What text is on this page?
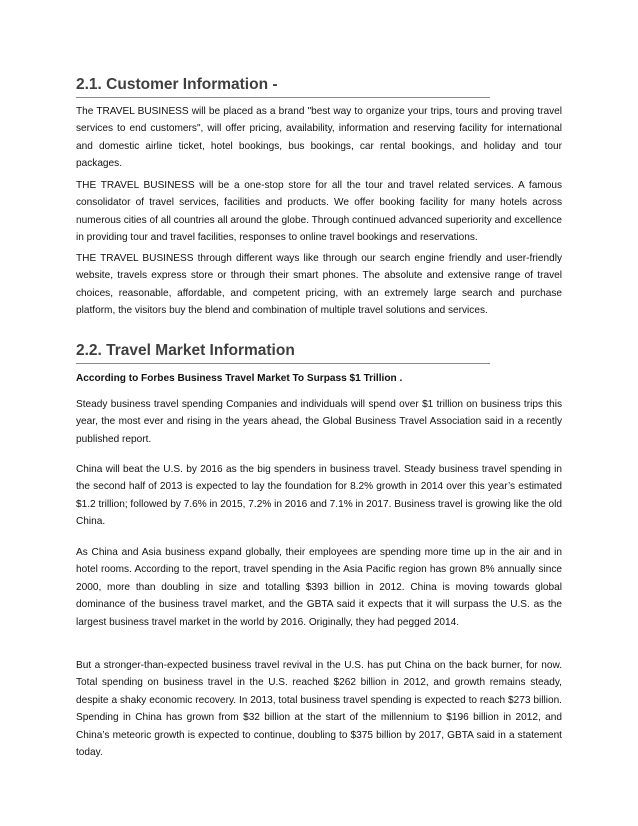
2.1. Customer Information -

The TRAVEL BUSINESS will be placed as a brand "best way to organize your trips, tours and proving travel services to end customers", will offer pricing, availability, information and reserving facility for international and domestic airline ticket, hotel bookings, bus bookings, car rental bookings, and holiday and tour packages.

THE TRAVEL BUSINESS will be a one-stop store for all the tour and travel related services. A famous consolidator of travel services, facilities and products. We offer booking facility for many hotels across numerous cities of all countries all around the globe. Through continued advanced superiority and excellence in providing tour and travel facilities, responses to online travel bookings and reservations.

THE TRAVEL BUSINESS through different ways like through our search engine friendly and user-friendly website, travels express store or through their smart phones. The absolute and extensive range of travel choices, reasonable, affordable, and competent pricing, with an extremely large search and purchase platform, the visitors buy the blend and combination of multiple travel solutions and services.

2.2. Travel Market Information

According to Forbes Business Travel Market To Surpass $1 Trillion .

Steady business travel spending Companies and individuals will spend over $1 trillion on business trips this year, the most ever and rising in the years ahead, the Global Business Travel Association said in a recently published report.

China will beat the U.S. by 2016 as the big spenders in business travel. Steady business travel spending in the second half of 2013 is expected to lay the foundation for 8.2% growth in 2014 over this year’s estimated $1.2 trillion; followed by 7.6% in 2015, 7.2% in 2016 and 7.1% in 2017. Business travel is growing like the old China.

As China and Asia business expand globally, their employees are spending more time up in the air and in hotel rooms. According to the report, travel spending in the Asia Pacific region has grown 8% annually since 2000, more than doubling in size and totalling $393 billion in 2012. China is moving towards global dominance of the business travel market, and the GBTA said it expects that it will surpass the U.S. as the largest business travel market in the world by 2016. Originally, they had pegged 2014.

But a stronger-than-expected business travel revival in the U.S. has put China on the back burner, for now. Total spending on business travel in the U.S. reached $262 billion in 2012, and growth remains steady, despite a shaky economic recovery. In 2013, total business travel spending is expected to reach $273 billion. Spending in China has grown from $32 billion at the start of the millennium to $196 billion in 2012, and China’s meteoric growth is expected to continue, doubling to $375 billion by 2017, GBTA said in a statement today.
